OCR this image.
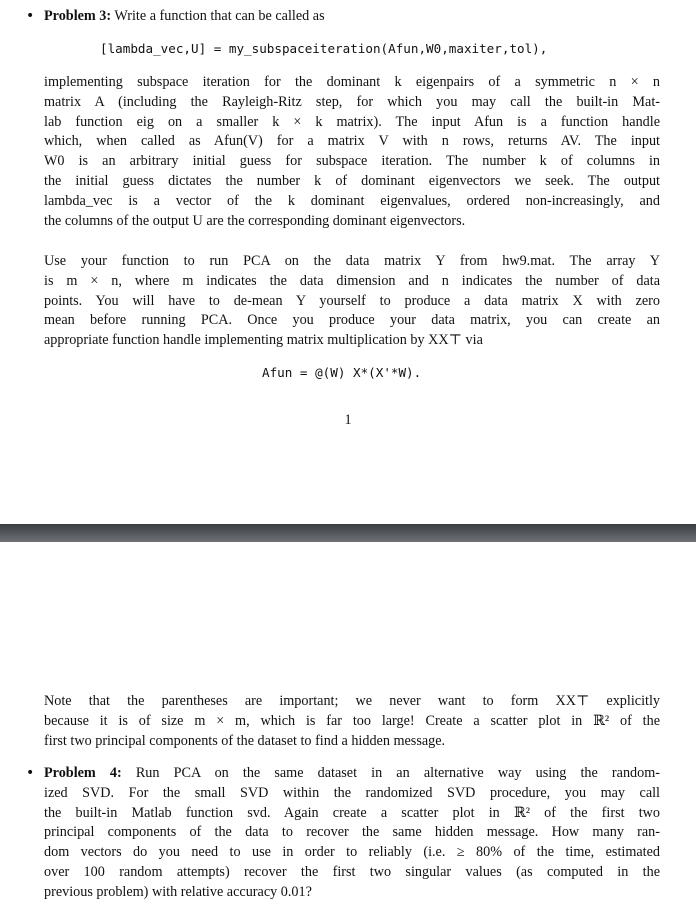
• Problem 3: Write a function that can be called as
[lambda_vec,U] = my_subspaceiteration(Afun,W0,maxiter,tol),
implementing subspace iteration for the dominant k eigenpairs of a symmetric n × n
matrix A (including the Rayleigh-Ritz step, for which you may call the built-in Mat-
lab function eig on a smaller k × k matrix). The input Afun is a function handle
which, when called as Afun(V) for a matrix V with n rows, returns AV. The input
W0 is an arbitrary initial guess for subspace iteration. The number k of columns in
the initial guess dictates the number k of dominant eigenvectors we seek. The output
lambda_vec is a vector of the k dominant eigenvalues, ordered non-increasingly, and
the columns of the output U are the corresponding dominant eigenvectors.
Use your function to run PCA on the data matrix Y from hw9.mat. The array Y
is m × n, where m indicates the data dimension and n indicates the number of data
points. You will have to de-mean Y yourself to produce a data matrix X with zero
mean before running PCA. Once you produce your data matrix, you can create an
appropriate function handle implementing matrix multiplication by XX⊤ via
Afun = @(W) X*(X'*W).
1
Note that the parentheses are important; we never want to form XX⊤ explicitly
because it is of size m × m, which is far too large! Create a scatter plot in ℝ² of the
first two principal components of the dataset to find a hidden message.
• Problem 4: Run PCA on the same dataset in an alternative way using the random-
ized SVD. For the small SVD within the randomized SVD procedure, you may call
the built-in Matlab function svd. Again create a scatter plot in ℝ² of the first two
principal components of the data to recover the same hidden message. How many ran-
dom vectors do you need to use in order to reliably (i.e. ≥ 80% of the time, estimated
over 100 random attempts) recover the first two singular values (as computed in the
previous problem) with relative accuracy 0.01?
